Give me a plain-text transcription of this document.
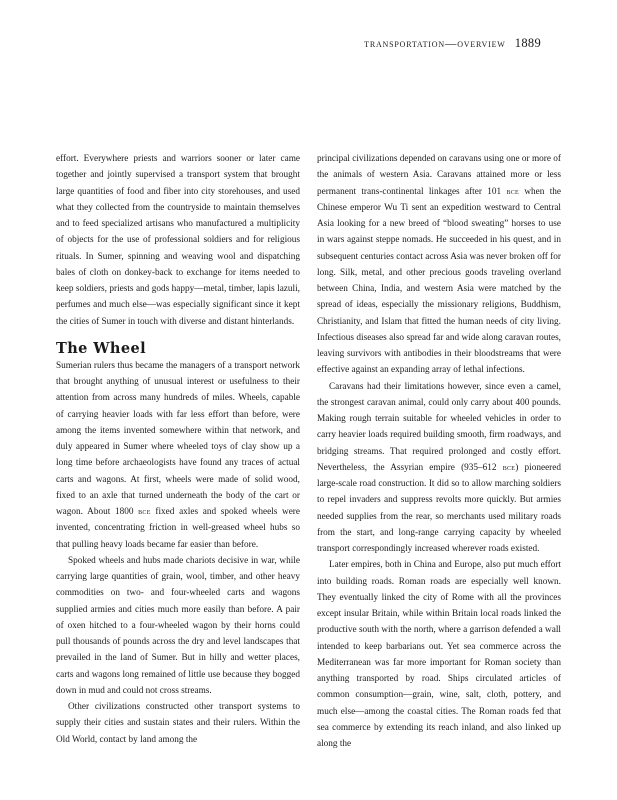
transportation—overview 1889

effort. Everywhere priests and warriors sooner or later came together and jointly supervised a transport system that brought large quantities of food and fiber into city storehouses, and used what they collected from the countryside to maintain themselves and to feed specialized artisans who manufactured a multiplicity of objects for the use of professional soldiers and for religious rituals. In Sumer, spinning and weaving wool and dispatching bales of cloth on donkey-back to exchange for items needed to keep soldiers, priests and gods happy—metal, timber, lapis lazuli, perfumes and much else—was especially significant since it kept the cities of Sumer in touch with diverse and distant hinterlands.

The Wheel

Sumerian rulers thus became the managers of a transport network that brought anything of unusual interest or usefulness to their attention from across many hundreds of miles. Wheels, capable of carrying heavier loads with far less effort than before, were among the items invented somewhere within that network, and duly appeared in Sumer where wheeled toys of clay show up a long time before archaeologists have found any traces of actual carts and wagons. At first, wheels were made of solid wood, fixed to an axle that turned underneath the body of the cart or wagon. About 1800 bce fixed axles and spoked wheels were invented, concentrating friction in well-greased wheel hubs so that pulling heavy loads became far easier than before.

Spoked wheels and hubs made chariots decisive in war, while carrying large quantities of grain, wool, timber, and other heavy commodities on two- and four-wheeled carts and wagons supplied armies and cities much more easily than before. A pair of oxen hitched to a four-wheeled wagon by their horns could pull thousands of pounds across the dry and level landscapes that prevailed in the land of Sumer. But in hilly and wetter places, carts and wagons long remained of little use because they bogged down in mud and could not cross streams.

Other civilizations constructed other transport systems to supply their cities and sustain states and their rulers. Within the Old World, contact by land among the

principal civilizations depended on caravans using one or more of the animals of western Asia. Caravans attained more or less permanent trans-continental linkages after 101 bce when the Chinese emperor Wu Ti sent an expedition westward to Central Asia looking for a new breed of “blood sweating” horses to use in wars against steppe nomads. He succeeded in his quest, and in subsequent centuries contact across Asia was never broken off for long. Silk, metal, and other precious goods traveling overland between China, India, and western Asia were matched by the spread of ideas, especially the missionary religions, Buddhism, Christianity, and Islam that fitted the human needs of city living. Infectious diseases also spread far and wide along caravan routes, leaving survivors with antibodies in their bloodstreams that were effective against an expanding array of lethal infections.

Caravans had their limitations however, since even a camel, the strongest caravan animal, could only carry about 400 pounds. Making rough terrain suitable for wheeled vehicles in order to carry heavier loads required building smooth, firm roadways, and bridging streams. That required prolonged and costly effort. Nevertheless, the Assyrian empire (935–612 bce) pioneered large-scale road construction. It did so to allow marching soldiers to repel invaders and suppress revolts more quickly. But armies needed supplies from the rear, so merchants used military roads from the start, and long-range carrying capacity by wheeled transport correspondingly increased wherever roads existed.

Later empires, both in China and Europe, also put much effort into building roads. Roman roads are especially well known. They eventually linked the city of Rome with all the provinces except insular Britain, while within Britain local roads linked the productive south with the north, where a garrison defended a wall intended to keep barbarians out. Yet sea commerce across the Mediterranean was far more important for Roman society than anything transported by road. Ships circulated articles of common consumption—grain, wine, salt, cloth, pottery, and much else—among the coastal cities. The Roman roads fed that sea commerce by extending its reach inland, and also linked up along the
